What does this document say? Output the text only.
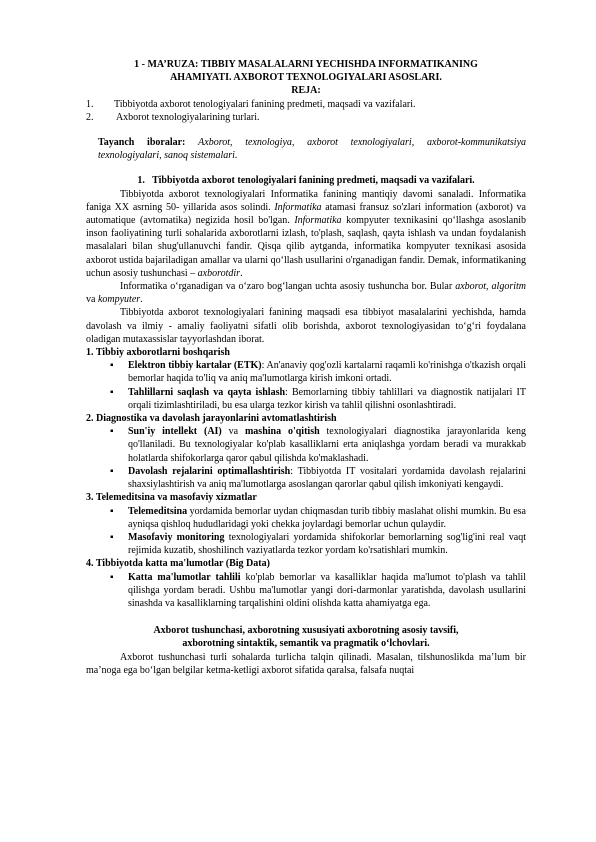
1 - MA’RUZA: TIBBIY MASALALARNI YECHISHDA INFORMATIKANING

AHAMIYATI. AXBOROT TEXNOLOGIYALARI ASOSLARI.

REJA:

1.	Tibbiyotda axborot tenologiyalari fanining predmeti, maqsadi va vazifalari.
2.	Axborot texnologiyalarining turlari.
Tayanch iboralar: Axborot, texnologiya, axborot texnologiyalari, axborot-kommunikatsiya texnologiyalari, sanoq sistemalari.

1.   Tibbiyotda axborot tenologiyalari fanining predmeti, maqsadi va vazifalari.

Tibbiyotda axborot texnologiyalari Informatika fanining mantiqiy davomi sanaladi. Informatika faniga XX asrning 50- yillarida asos solindi. Informatika atamasi fransuz so'zlari information (axborot) va automatique (avtomatika) negizida hosil bo'lgan. Informatika kompyuter texnikasini qo‘llashga asoslanib inson faoliyatining turli sohalarida axborotlarni izlash, to'plash, saqlash, qayta ishlash va undan foydalanish masalalari bilan shug'ullanuvchi fandir. Qisqa qilib aytganda, informatika kompyuter texnikasi asosida axborot ustida bajariladigan amallar va ularni qo‘llash usullarini o'rganadigan fandir. Demak, informatikaning uchun asosiy tushunchasi – axborotdir.

Informatika o‘rganadigan va o‘zaro bog‘langan uchta asosiy tushuncha bor. Bular axborot, algoritm va kompyuter.

Tibbiyotda axborot texnologiyalari fanining maqsadi esa tibbiyot masalalarini yechishda, hamda davolash va ilmiy - amaliy faoliyatni sifatli olib borishda, axborot texnologiyasidan to‘g‘ri foydalana oladigan mutaxassislar tayyorlashdan iborat.

1. Tibbiy axborotlarni boshqarish

▪ Elektron tibbiy kartalar (ETK): An'anaviy qog'ozli kartalarni raqamli ko'rinishga o'tkazish orqali bemorlar haqida to'liq va aniq ma'lumotlarga kirish imkoni ortadi.
▪ Tahlillarni saqlash va qayta ishlash: Bemorlarning tibbiy tahlillari va diagnostik natijalari IT orqali tizimlashtiriladi, bu esa ularga tezkor kirish va tahlil qilishni osonlashtiradi.

2. Diagnostika va davolash jarayonlarini avtomatlashtirish

▪ Sun'iy intellekt (AI) va mashina o'qitish texnologiyalari diagnostika jarayonlarida keng qo'llaniladi. Bu texnologiyalar ko'plab kasalliklarni erta aniqlashga yordam beradi va murakkab holatlarda shifokorlarga qaror qabul qilishda ko'maklashadi.
▪ Davolash rejalarini optimallashtirish: Tibbiyotda IT vositalari yordamida davolash rejalarini shaxsiylashtirish va aniq ma'lumotlarga asoslangan qarorlar qabul qilish imkoniyati kengaydi.

3. Telemeditsina va masofaviy xizmatlar

▪ Telemeditsina yordamida bemorlar uydan chiqmasdan turib tibbiy maslahat olishi mumkin. Bu esa ayniqsa qishloq hududlaridagi yoki chekka joylardagi bemorlar uchun qulaydir.
▪ Masofaviy monitoring texnologiyalari yordamida shifokorlar bemorlarning sog'lig'ini real vaqt rejimida kuzatib, shoshilinch vaziyatlarda tezkor yordam ko'rsatishlari mumkin.

4. Tibbiyotda katta ma'lumotlar (Big Data)

▪ Katta ma'lumotlar tahlili ko'plab bemorlar va kasalliklar haqida ma'lumot to'plash va tahlil qilishga yordam beradi. Ushbu ma'lumotlar yangi dori-darmonlar yaratishda, davolash usullarini sinashda va kasalliklarning tarqalishini oldini olishda katta ahamiyatga ega.

Axborot tushunchasi, axborotning xususiyati axborotning asosiy tavsifi,

axborotning sintaktik, semantik va pragmatik o‘lchovlari.

Axborot tushunchasi turli sohalarda turlicha talqin qilinadi. Masalan, tilshunoslikda ma’lum bir ma’noga ega bo‘lgan belgilar ketma-ketligi axborot sifatida qaralsa, falsafa nuqtai
